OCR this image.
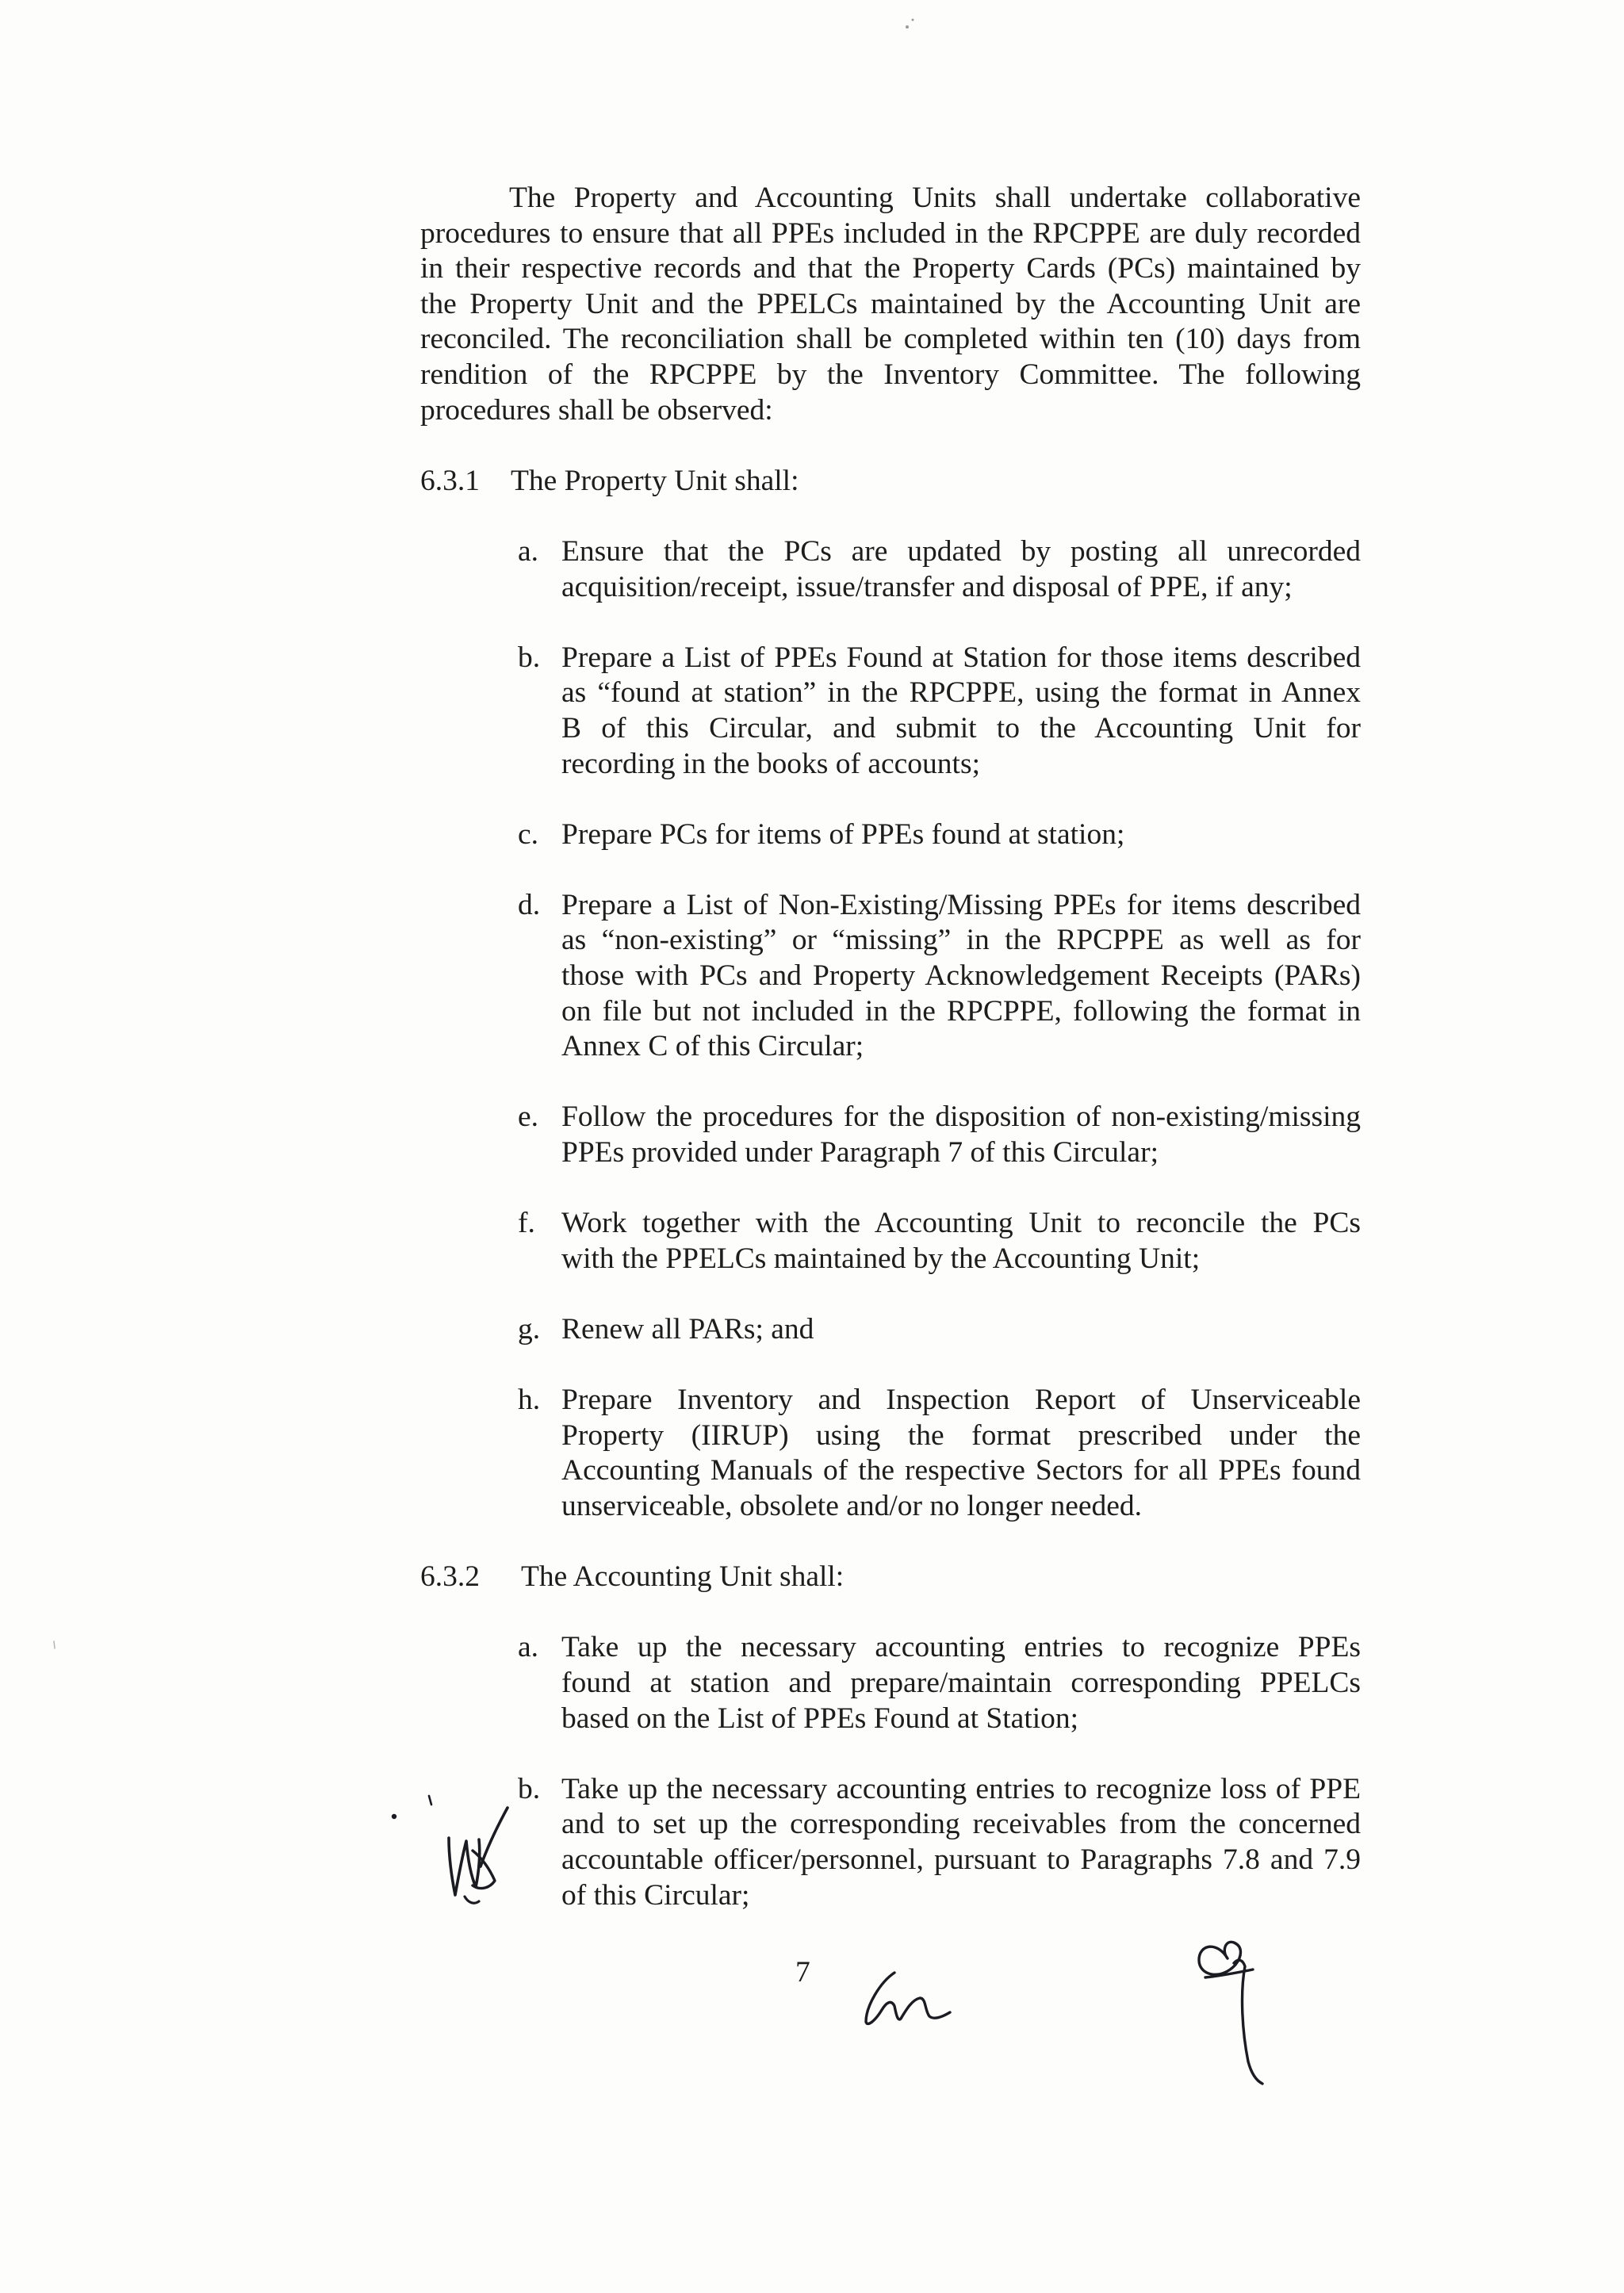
The Property and Accounting Units shall undertake collaborative
procedures to ensure that all PPEs included in the RPCPPE are duly recorded
in their respective records and that the Property Cards (PCs) maintained by
the Property Unit and the PPELCs maintained by the Accounting Unit are
reconciled. The reconciliation shall be completed within ten (10) days from
rendition of the RPCPPE by the Inventory Committee. The following
procedures shall be observed:
6.3.1 The Property Unit shall:
a. Ensure that the PCs are updated by posting all unrecorded
acquisition/receipt, issue/transfer and disposal of PPE, if any;
b. Prepare a List of PPEs Found at Station for those items described
as “found at station” in the RPCPPE, using the format in Annex
B of this Circular, and submit to the Accounting Unit for
recording in the books of accounts;
c. Prepare PCs for items of PPEs found at station;
d. Prepare a List of Non-Existing/Missing PPEs for items described
as “non-existing” or “missing” in the RPCPPE as well as for
those with PCs and Property Acknowledgement Receipts (PARs)
on file but not included in the RPCPPE, following the format in
Annex C of this Circular;
e. Follow the procedures for the disposition of non-existing/missing
PPEs provided under Paragraph 7 of this Circular;
f. Work together with the Accounting Unit to reconcile the PCs
with the PPELCs maintained by the Accounting Unit;
g. Renew all PARs; and
h. Prepare Inventory and Inspection Report of Unserviceable
Property (IIRUP) using the format prescribed under the
Accounting Manuals of the respective Sectors for all PPEs found
unserviceable, obsolete and/or no longer needed.
6.3.2 The Accounting Unit shall:
a. Take up the necessary accounting entries to recognize PPEs
found at station and prepare/maintain corresponding PPELCs
based on the List of PPEs Found at Station;
b. Take up the necessary accounting entries to recognize loss of PPE
and to set up the corresponding receivables from the concerned
accountable officer/personnel, pursuant to Paragraphs 7.8 and 7.9
of this Circular;
7
